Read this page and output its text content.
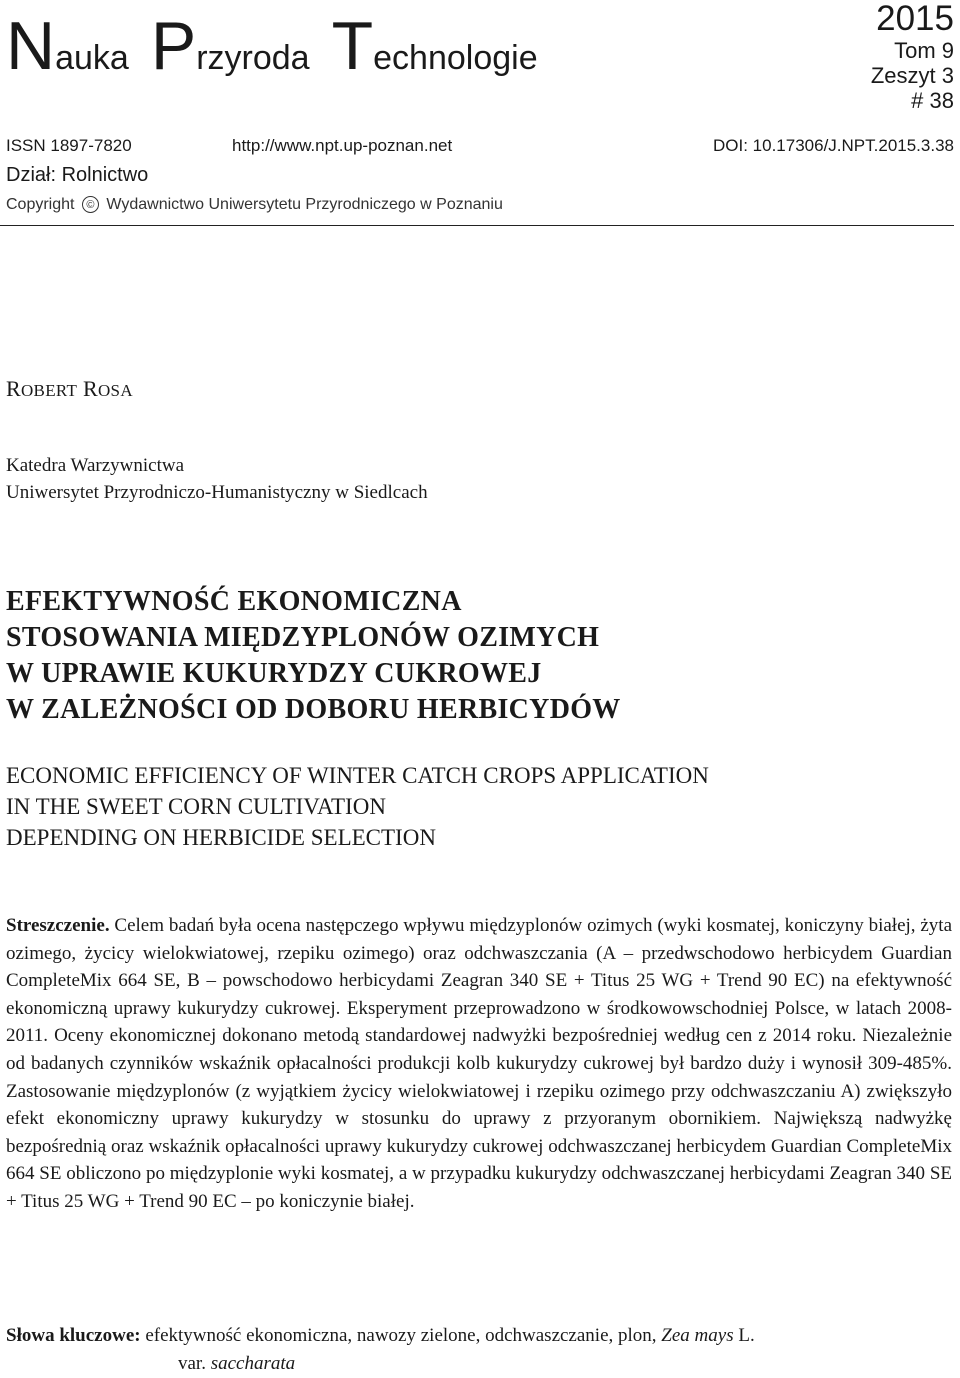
Nauka Przyroda Technologie
2015
Tom 9
Zeszyt 3
# 38
ISSN 1897-7820	http://www.npt.up-poznan.net	DOI: 10.17306/J.NPT.2015.3.38
Dział: Rolnictwo
Copyright © Wydawnictwo Uniwersytetu Przyrodniczego w Poznaniu
ROBERT ROSA
Katedra Warzywnictwa
Uniwersytet Przyrodniczo-Humanistyczny w Siedlcach
EFEKTYWNOŚĆ EKONOMICZNA
STOSOWANIA MIĘDZYPLONÓW OZIMYCH
W UPRAWIE KUKURYDZY CUKROWEJ
W ZALEŻNOŚCI OD DOBORU HERBICYDÓW
ECONOMIC EFFICIENCY OF WINTER CATCH CROPS APPLICATION
IN THE SWEET CORN CULTIVATION
DEPENDING ON HERBICIDE SELECTION
Streszczenie. Celem badań była ocena następczego wpływu międzyplonów ozimych (wyki kosmatej, koniczyny białej, żyta ozimego, życicy wielokwiatowej, rzepiku ozimego) oraz odchwaszczania (A – przedwschodowo herbicydem Guardian CompleteMix 664 SE, B – powschodowo herbicydami Zeagran 340 SE + Titus 25 WG + Trend 90 EC) na efektywność ekonomiczną uprawy kukurydzy cukrowej. Eksperyment przeprowadzono w środkowowschodniej Polsce, w latach 2008-2011. Oceny ekonomicznej dokonano metodą standardowej nadwyżki bezpośredniej według cen z 2014 roku. Niezależnie od badanych czynników wskaźnik opłacalności produkcji kolb kukurydzy cukrowej był bardzo duży i wynosił 309-485%. Zastosowanie międzyplonów (z wyjątkiem życicy wielokwiatowej i rzepiku ozimego przy odchwaszczaniu A) zwiększyło efekt ekonomiczny uprawy kukurydzy w stosunku do uprawy z przyoranym obornikiem. Największą nadwyżkę bezpośrednią oraz wskaźnik opłacalności uprawy kukurydzy cukrowej odchwaszczanej herbicydem Guardian CompleteMix 664 SE obliczono po międzyplonie wyki kosmatej, a w przypadku kukurydzy odchwaszczanej herbicydami Zeagran 340 SE + Titus 25 WG + Trend 90 EC – po koniczynie białej.
Słowa kluczowe: efektywność ekonomiczna, nawozy zielone, odchwaszczanie, plon, Zea mays L.
var. saccharata
